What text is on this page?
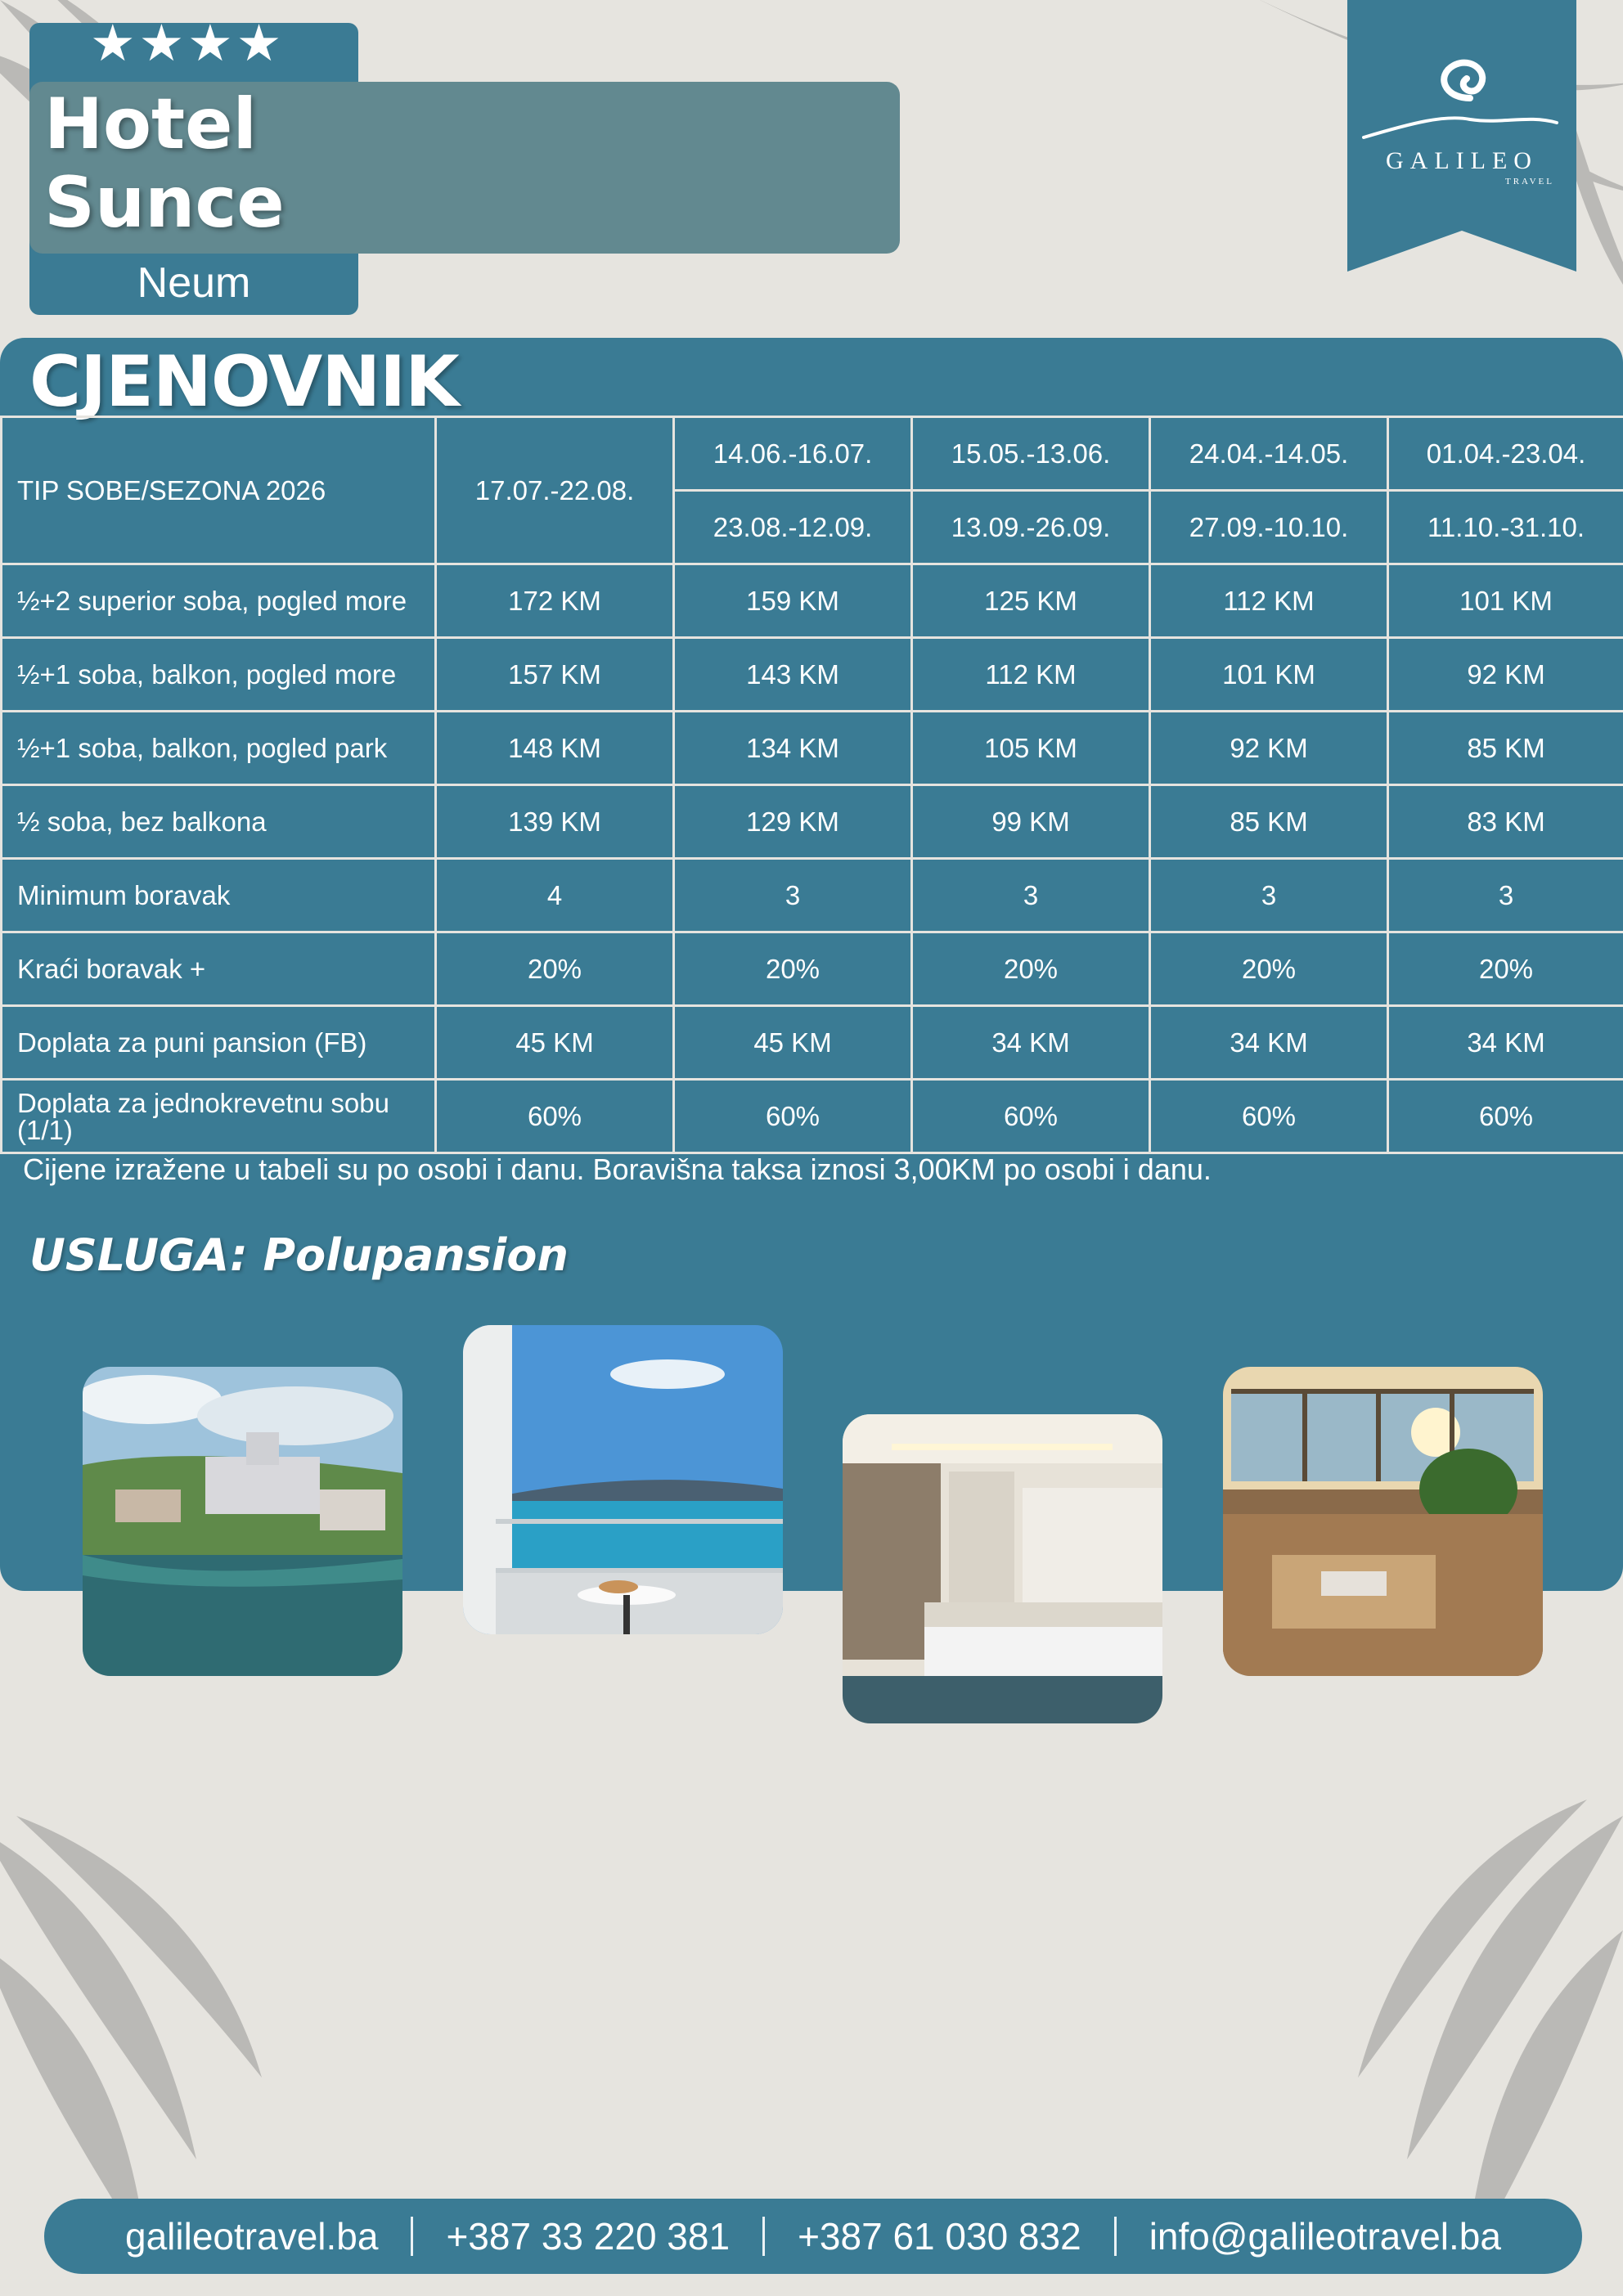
★★★★
Hotel
Sunce
Neum
GALILEO
TRAVEL
CJENOVNIK
TIP SOBE/SEZONA 2026	17.07.-22.08.	14.06.-16.07.	15.05.-13.06.	24.04.-14.05.	01.04.-23.04.
		23.08.-12.09.	13.09.-26.09.	27.09.-10.10.	11.10.-31.10.
½+2 superior soba, pogled more	172 KM	159 KM	125 KM	112 KM	101 KM
½+1 soba, balkon, pogled more	157 KM	143 KM	112 KM	101 KM	92 KM
½+1 soba, balkon, pogled park	148 KM	134 KM	105 KM	92 KM	85 KM
½ soba, bez balkona	139 KM	129 KM	99 KM	85 KM	83 KM
Minimum boravak	4	3	3	3	3
Kraći boravak +	20%	20%	20%	20%	20%
Doplata za puni pansion (FB)	45 KM	45 KM	34 KM	34 KM	34 KM
Doplata za jednokrevetnu sobu (1/1)	60%	60%	60%	60%	60%
Cijene izražene u tabeli su po osobi i danu. Boravišna taksa iznosi 3,00KM po osobi i danu.
USLUGA: Polupansion
galileotravel.ba +387 33 220 381 +387 61 030 832 info@galileotravel.ba
